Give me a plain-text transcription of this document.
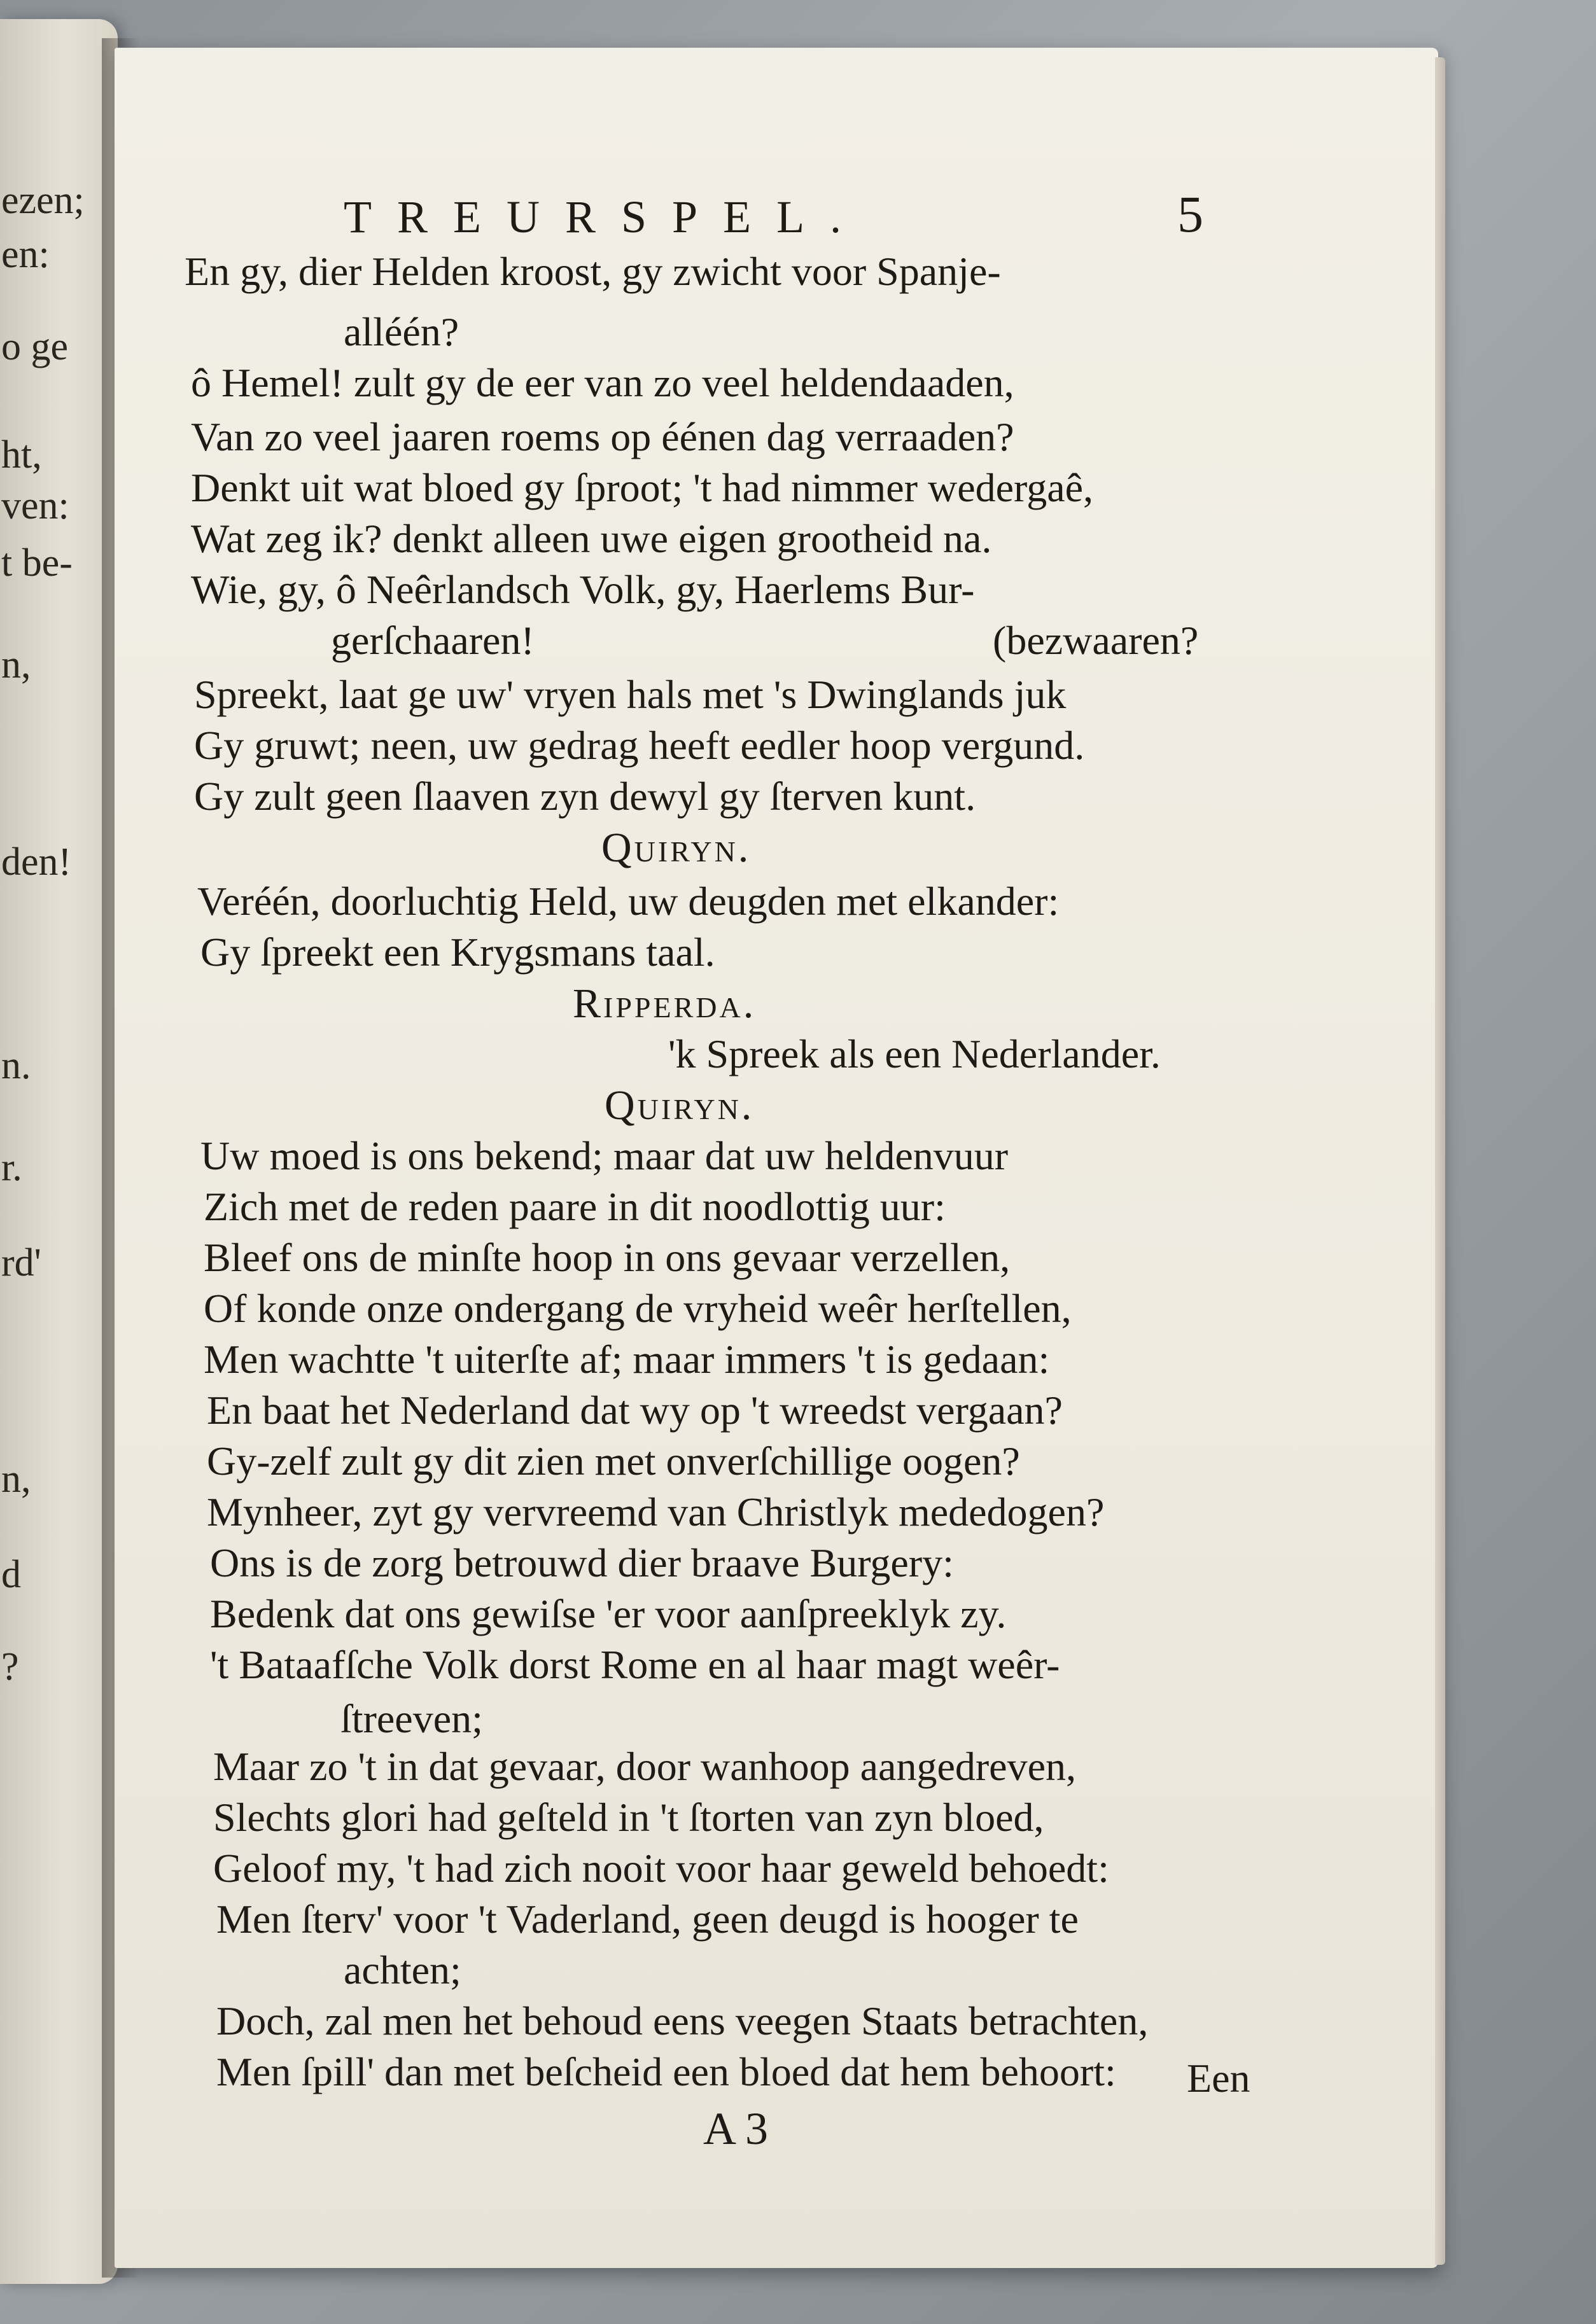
ezen;

en:

o ge

ht,

ven:

t be-

n,

den!

n.

r.

rd'

n,

d

?

TREURSPEL.	5

En gy, dier Helden kroost, gy zwicht voor Spanje-

alléén?

ô Hemel! zult gy de eer van zo veel heldendaaden,

Van zo veel jaaren roems op éénen dag verraaden?

Denkt uit wat bloed gy ſproot; 't had nimmer wedergaê,

Wat zeg ik? denkt alleen uwe eigen grootheid na.

Wie, gy, ô Neêrlandsch Volk, gy, Haerlems Bur-

gerſchaaren!	(bezwaaren?

Spreekt, laat ge uw' vryen hals met 's Dwinglands juk

Gy gruwt; neen, uw gedrag heeft eedler hoop vergund.

Gy zult geen ſlaaven zyn dewyl gy ſterven kunt.

Quiryn.

Veréén, doorluchtig Held, uw deugden met elkander:

Gy ſpreekt een Krygsmans taal.

Ripperda.

'k Spreek als een Nederlander.

Quiryn.

Uw moed is ons bekend; maar dat uw heldenvuur

Zich met de reden paare in dit noodlottig uur:

Bleef ons de minſte hoop in ons gevaar verzellen,

Of konde onze ondergang de vryheid weêr herſtellen,

Men wachtte 't uiterſte af; maar immers 't is gedaan:

En baat het Nederland dat wy op 't wreedst vergaan?

Gy-zelf zult gy dit zien met onverſchillige oogen?

Mynheer, zyt gy vervreemd van Christlyk mededogen?

Ons is de zorg betrouwd dier braave Burgery:

Bedenk dat ons gewiſse 'er voor aanſpreeklyk zy.

't Bataafſche Volk dorst Rome en al haar magt weêr-

ſtreeven;

Maar zo 't in dat gevaar, door wanhoop aangedreven,

Slechts glori had geſteld in 't ſtorten van zyn bloed,

Geloof my, 't had zich nooit voor haar geweld behoedt:

Men ſterv' voor 't Vaderland, geen deugd is hooger te

achten;

Doch, zal men het behoud eens veegen Staats betrachten,

Men ſpill' dan met beſcheid een bloed dat hem behoort:

A 3

Een
